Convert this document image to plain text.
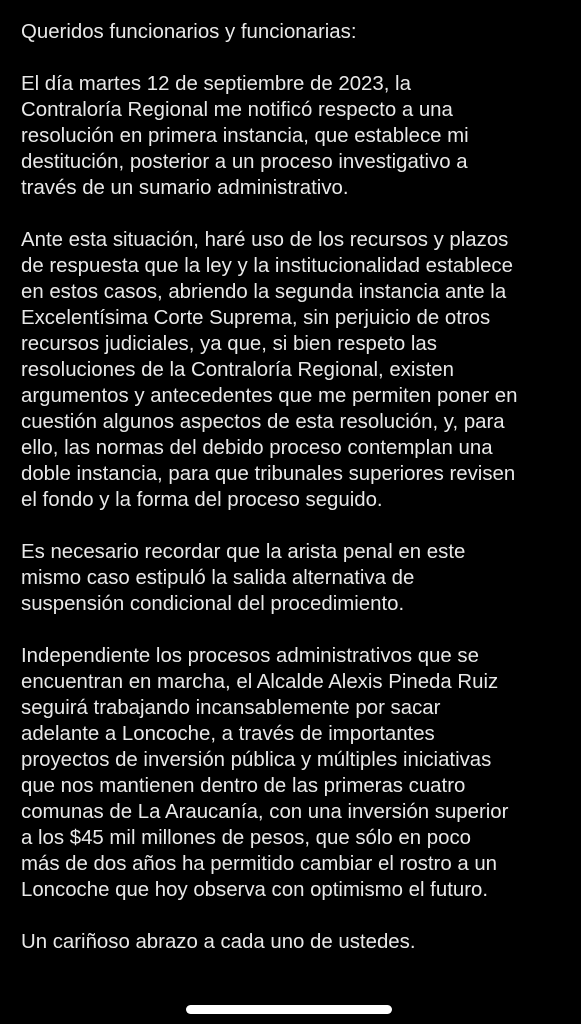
Queridos funcionarios y funcionarias:
El día martes 12 de septiembre de 2023, la
Contraloría Regional me notificó respecto a una
resolución en primera instancia, que establece mi
destitución, posterior a un proceso investigativo a
través de un sumario administrativo.
Ante esta situación, haré uso de los recursos y plazos
de respuesta que la ley y la institucionalidad establece
en estos casos, abriendo la segunda instancia ante la
Excelentísima Corte Suprema, sin perjuicio de otros
recursos judiciales, ya que, si bien respeto las
resoluciones de la Contraloría Regional, existen
argumentos y antecedentes que me permiten poner en
cuestión algunos aspectos de esta resolución, y, para
ello, las normas del debido proceso contemplan una
doble instancia, para que tribunales superiores revisen
el fondo y la forma del proceso seguido.
Es necesario recordar que la arista penal en este
mismo caso estipuló la salida alternativa de
suspensión condicional del procedimiento.
Independiente los procesos administrativos que se
encuentran en marcha, el Alcalde Alexis Pineda Ruiz
seguirá trabajando incansablemente por sacar
adelante a Loncoche, a través de importantes
proyectos de inversión pública y múltiples iniciativas
que nos mantienen dentro de las primeras cuatro
comunas de La Araucanía, con una inversión superior
a los $45 mil millones de pesos, que sólo en poco
más de dos años ha permitido cambiar el rostro a un
Loncoche que hoy observa con optimismo el futuro.
Un cariñoso abrazo a cada uno de ustedes.
